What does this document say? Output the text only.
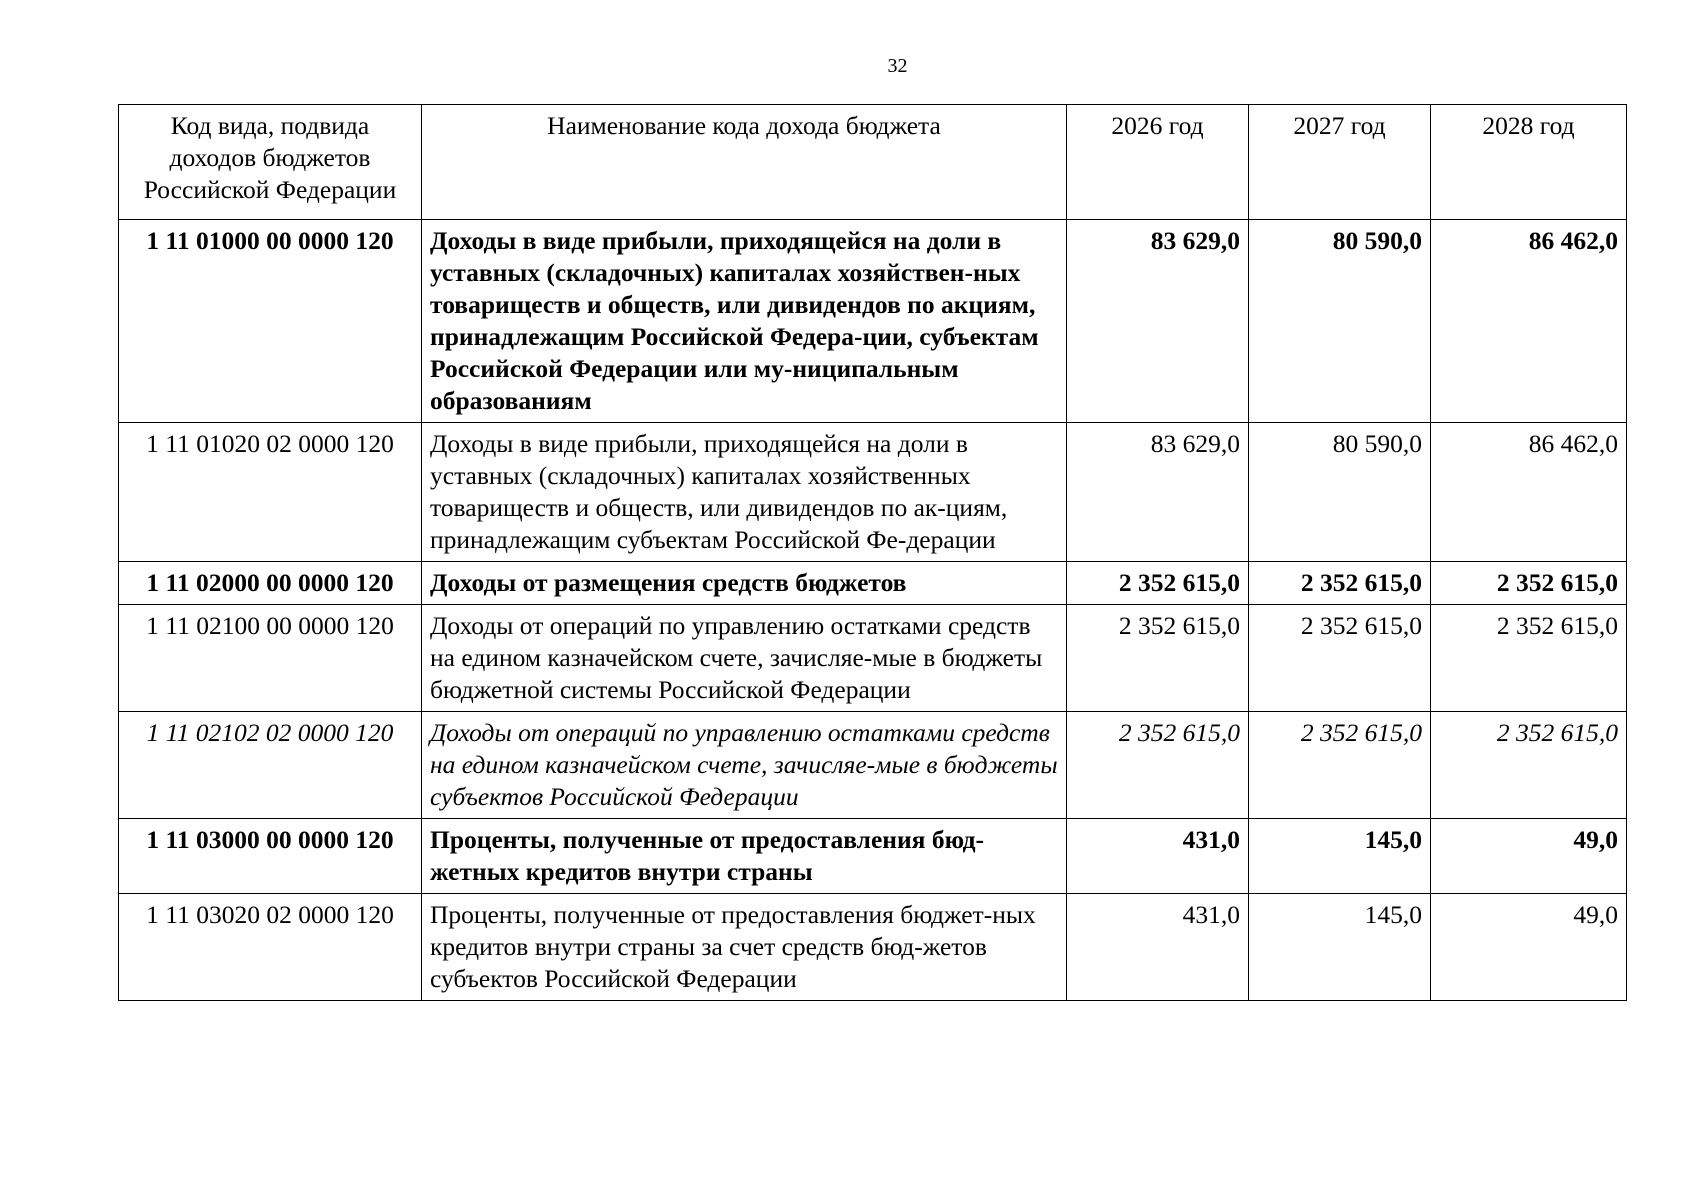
32
Код вида, подвида доходов бюджетов Российской Федерации	Наименование кода дохода бюджета	2026 год	2027 год	2028 год
1 11 01000 00 0000 120	Доходы в виде прибыли, приходящейся на доли в уставных (складочных) капиталах хозяйствен-ных товариществ и обществ, или дивидендов по акциям, принадлежащим Российской Федера-ции, субъектам Российской Федерации или му-ниципальным образованиям	83 629,0	80 590,0	86 462,0
1 11 01020 02 0000 120	Доходы в виде прибыли, приходящейся на доли в уставных (складочных) капиталах хозяйственных товариществ и обществ, или дивидендов по ак-циям, принадлежащим субъектам Российской Фе-дерации	83 629,0	80 590,0	86 462,0
1 11 02000 00 0000 120	Доходы от размещения средств бюджетов	2 352 615,0	2 352 615,0	2 352 615,0
1 11 02100 00 0000 120	Доходы от операций по управлению остатками средств на едином казначейском счете, зачисляе-мые в бюджеты бюджетной системы Российской Федерации	2 352 615,0	2 352 615,0	2 352 615,0
1 11 02102 02 0000 120	Доходы от операций по управлению остатками средств на едином казначейском счете, зачисляе-мые в бюджеты субъектов Российской Федерации	2 352 615,0	2 352 615,0	2 352 615,0
1 11 03000 00 0000 120	Проценты, полученные от предоставления бюд-жетных кредитов внутри страны	431,0	145,0	49,0
1 11 03020 02 0000 120	Проценты, полученные от предоставления бюджет-ных кредитов внутри страны за счет средств бюд-жетов субъектов Российской Федерации	431,0	145,0	49,0
